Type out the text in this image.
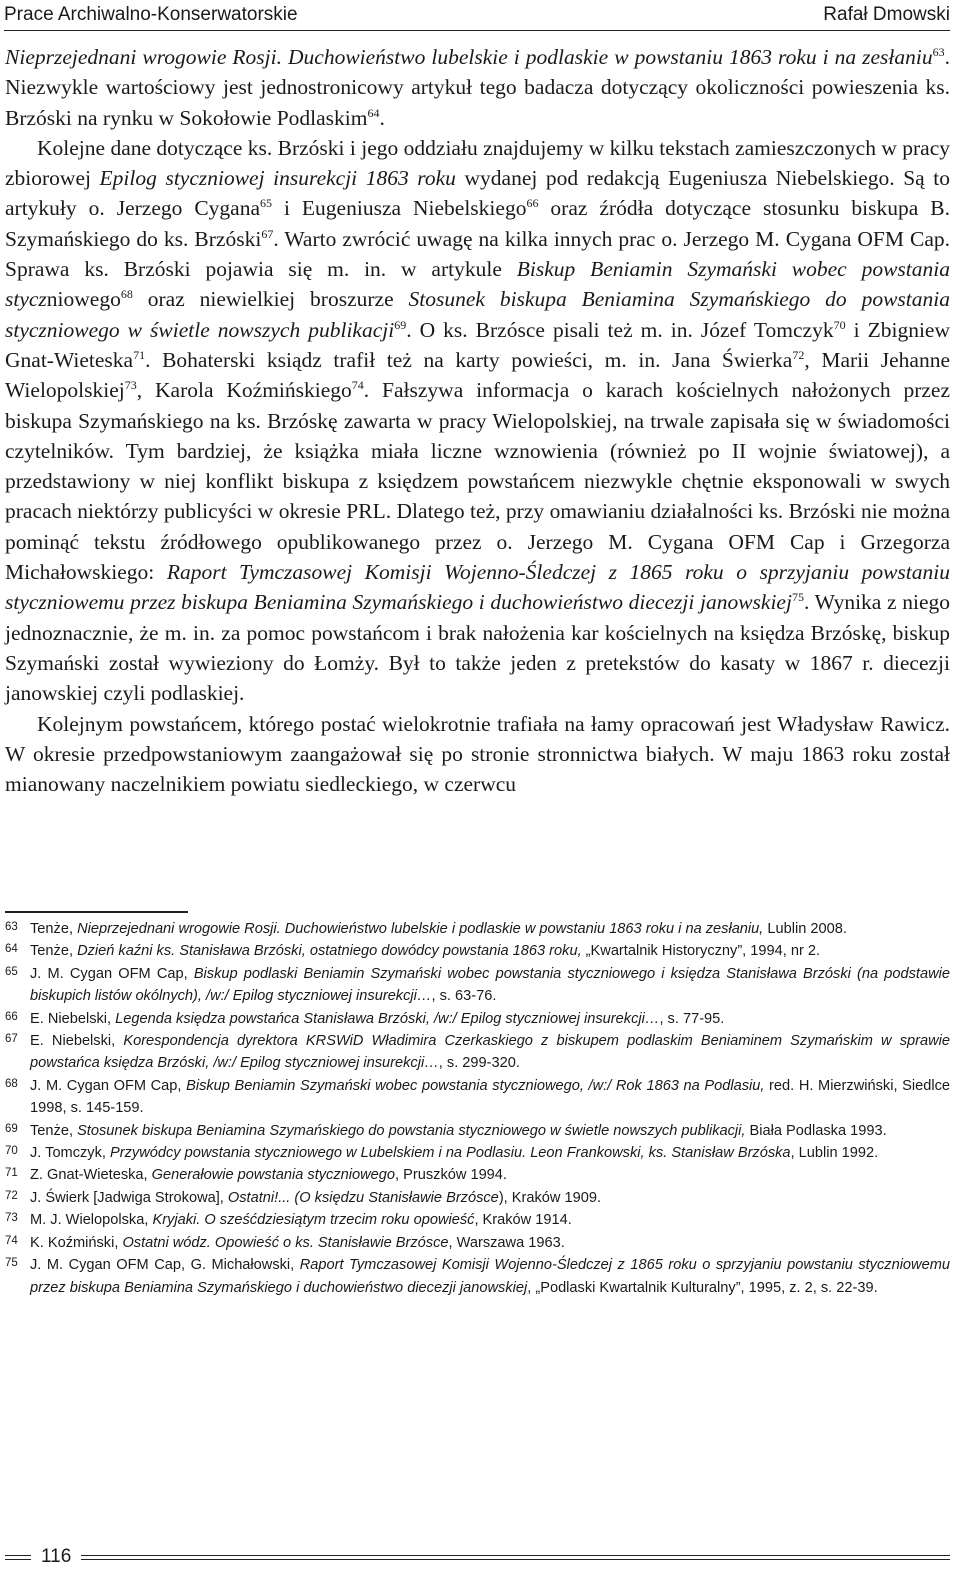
Prace Archiwalno-Konserwatorskie	Rafał Dmowski

Nieprzejednani wrogowie Rosji. Duchowieństwo lubelskie i podlaskie w powstaniu 1863 roku i na zesłaniu$^{63}$. Niezwykle wartościowy jest jednostronicowy artykuł tego badacza dotyczący okoliczności powieszenia ks. Brzóski na rynku w Sokołowie Podlaskim$^{64}$.

Kolejne dane dotyczące ks. Brzóski i jego oddziału znajdujemy w kilku tekstach zamieszczonych w pracy zbiorowej Epilog styczniowej insurekcji 1863 roku wydanej pod redakcją Eugeniusza Niebelskiego. Są to artykuły o. Jerzego Cygana$^{65}$ i Eugeniusza Niebelskiego$^{66}$ oraz źródła dotyczące stosunku biskupa B. Szymańskiego do ks. Brzóski$^{67}$. Warto zwrócić uwagę na kilka innych prac o. Jerzego M. Cygana OFM Cap. Sprawa ks. Brzóski pojawia się m. in. w artykule Biskup Beniamin Szymański wobec powstania styczniowego$^{68}$ oraz niewielkiej broszurze Stosunek biskupa Beniamina Szymańskiego do powstania styczniowego w świetle nowszych publikacji$^{69}$. O ks. Brzósce pisali też m. in. Józef Tomczyk$^{70}$ i Zbigniew Gnat-Wieteska$^{71}$. Bohaterski ksiądz trafił też na karty powieści, m. in. Jana Świerka$^{72}$, Marii Jehanne Wielopolskiej$^{73}$, Karola Koźmińskiego$^{74}$. Fałszywa informacja o karach kościelnych nałożonych przez biskupa Szymańskiego na ks. Brzóskę zawarta w pracy Wielopolskiej, na trwale zapisała się w świadomości czytelników. Tym bardziej, że książka miała liczne wznowienia (również po II wojnie światowej), a przedstawiony w niej konflikt biskupa z księdzem powstańcem niezwykle chętnie eksponowali w swych pracach niektórzy publicyści w okresie PRL. Dlatego też, przy omawianiu działalności ks. Brzóski nie można pominąć tekstu źródłowego opublikowanego przez o. Jerzego M. Cygana OFM Cap i Grzegorza Michałowskiego: Raport Tymczasowej Komisji Wojenno-Śledczej z 1865 roku o sprzyjaniu powstaniu styczniowemu przez biskupa Beniamina Szymańskiego i duchowieństwo diecezji janowskiej$^{75}$. Wynika z niego jednoznacznie, że m. in. za pomoc powstańcom i brak nałożenia kar kościelnych na księdza Brzóskę, biskup Szymański został wywieziony do Łomży. Był to także jeden z pretekstów do kasaty w 1867 r. diecezji janowskiej czyli podlaskiej.

Kolejnym powstańcem, którego postać wielokrotnie trafiała na łamy opracowań jest Władysław Rawicz. W okresie przedpowstaniowym zaangażował się po stronie stronnictwa białych. W maju 1863 roku został mianowany naczelnikiem powiatu siedleckiego, w czerwcu

63 Tenże, Nieprzejednani wrogowie Rosji. Duchowieństwo lubelskie i podlaskie w powstaniu 1863 roku i na zesłaniu, Lublin 2008.
64 Tenże, Dzień kaźni ks. Stanisława Brzóski, ostatniego dowódcy powstania 1863 roku, „Kwartalnik Historyczny”, 1994, nr 2.
65 J. M. Cygan OFM Cap, Biskup podlaski Beniamin Szymański wobec powstania styczniowego i księdza Stanisława Brzóski (na podstawie biskupich listów okólnych), /w:/ Epilog styczniowej insurekcji…, s. 63-76.
66 E. Niebelski, Legenda księdza powstańca Stanisława Brzóski, /w:/ Epilog styczniowej insurekcji…, s. 77-95.
67 E. Niebelski, Korespondencja dyrektora KRSWiD Władimira Czerkaskiego z biskupem podlaskim Beniaminem Szymańskim w sprawie powstańca księdza Brzóski, /w:/ Epilog styczniowej insurekcji…, s. 299-320.
68 J. M. Cygan OFM Cap, Biskup Beniamin Szymański wobec powstania styczniowego, /w:/ Rok 1863 na Podlasiu, red. H. Mierzwiński, Siedlce 1998, s. 145-159.
69 Tenże, Stosunek biskupa Beniamina Szymańskiego do powstania styczniowego w świetle nowszych publikacji, Biała Podlaska 1993.
70 J. Tomczyk, Przywódcy powstania styczniowego w Lubelskiem i na Podlasiu. Leon Frankowski, ks. Stanisław Brzóska, Lublin 1992.
71 Z. Gnat-Wieteska, Generałowie powstania styczniowego, Pruszków 1994.
72 J. Świerk [Jadwiga Strokowa], Ostatni!... (O księdzu Stanisławie Brzósce), Kraków 1909.
73 M. J. Wielopolska, Kryjaki. O sześćdziesiątym trzecim roku opowieść, Kraków 1914.
74 K. Koźmiński, Ostatni wódz. Opowieść o ks. Stanisławie Brzósce, Warszawa 1963.
75 J. M. Cygan OFM Cap, G. Michałowski, Raport Tymczasowej Komisji Wojenno-Śledczej z 1865 roku o sprzyjaniu powstaniu styczniowemu przez biskupa Beniamina Szymańskiego i duchowieństwo diecezji janowskiej, „Podlaski Kwartalnik Kulturalny”, 1995, z. 2, s. 22-39.
116
